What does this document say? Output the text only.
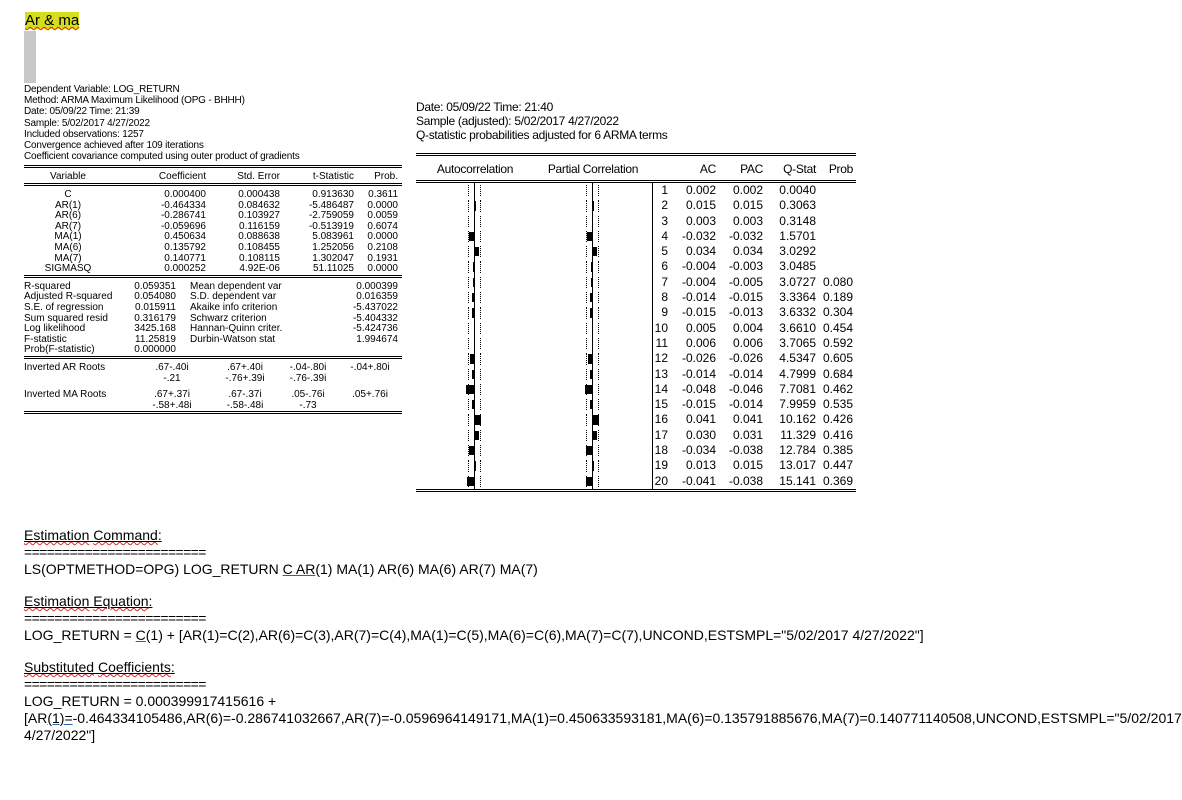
Ar & ma
Dependent Variable: LOG_RETURN
Method: ARMA Maximum Likelihood (OPG - BHHH)
Date: 05/09/22 Time: 21:39
Sample: 5/02/2017 4/27/2022
Included observations: 1257
Convergence achieved after 109 iterations
Coefficient covariance computed using outer product of gradients

Variable	Coefficient	Std. Error	t-Statistic	Prob.

C	0.000400	0.000438	0.913630	0.3611
AR(1)	-0.464334	0.084632	-5.486487	0.0000
AR(6)	-0.286741	0.103927	-2.759059	0.0059
AR(7)	-0.059696	0.116159	-0.513919	0.6074
MA(1)	0.450634	0.088638	5.083961	0.0000
MA(6)	0.135792	0.108455	1.252056	0.2108
MA(7)	0.140771	0.108115	1.302047	0.1931
SIGMASQ	0.000252	4.92E-06	51.11025	0.0000
R-squared	0.059351	Mean dependent var	0.000399
Adjusted R-squared	0.054080	S.D. dependent var	0.016359
S.E. of regression	0.015911	Akaike info criterion	-5.437022
Sum squared resid	0.316179	Schwarz criterion	-5.404332
Log likelihood	3425.168	Hannan-Quinn criter.	-5.424736
F-statistic	11.25819	Durbin-Watson stat	1.994674
Prob(F-statistic)	0.000000		
Inverted AR Roots	.67-.40i	.67+.40i	-.04-.80i	-.04+.80i
	-.21	-.76+.39i	-.76-.39i	
Inverted MA Roots	.67+.37i	.67-.37i	.05-.76i	.05+.76i
	-.58+.48i	-.58-.48i	-.73	
Date: 05/09/22 Time: 21:40
Sample (adjusted): 5/02/2017 4/27/2022
Q-statistic probabilities adjusted for 6 ARMA terms

Autocorrelation	Partial Correlation		AC	PAC	Q-Stat	Prob

	1	0.002	0.002	0.0040	

	2	0.015	0.015	0.3063	

	3	0.003	0.003	0.3148	

	4	-0.032	-0.032	1.5701	

	5	0.034	0.034	3.0292	

	6	-0.004	-0.003	3.0485	

	7	-0.004	-0.005	3.0727	0.080

	8	-0.014	-0.015	3.3364	0.189

	9	-0.015	-0.013	3.6332	0.304

	10	0.005	0.004	3.6610	0.454

	11	0.006	0.006	3.7065	0.592

	12	-0.026	-0.026	4.5347	0.605

	13	-0.014	-0.014	4.7999	0.684

	14	-0.048	-0.046	7.7081	0.462

	15	-0.015	-0.014	7.9959	0.535

	16	0.041	0.041	10.162	0.426

	17	0.030	0.031	11.329	0.416

	18	-0.034	-0.038	12.784	0.385

	19	0.013	0.015	13.017	0.447

	20	-0.041	-0.038	15.141	0.369

Estimation Command:

========================

LS(OPTMETHOD=OPG) LOG_RETURN C AR(1) MA(1) AR(6) MA(6) AR(7) MA(7)

Estimation Equation:

========================

LOG_RETURN = C(1) + [AR(1)=C(2),AR(6)=C(3),AR(7)=C(4),MA(1)=C(5),MA(6)=C(6),MA(7)=C(7),UNCOND,ESTSMPL="5/02/2017 4/27/2022"]

Substituted Coefficients:

========================

LOG_RETURN = 0.000399917415616 + [AR(1)=-0.464334105486,AR(6)=-0.286741032667,AR(7)=-0.0596964149171,MA(1)=0.450633593181,MA(6)=0.135791885676,MA(7)=0.140771140508,UNCOND,ESTSMPL="5/02/2017 4/27/2022"]
